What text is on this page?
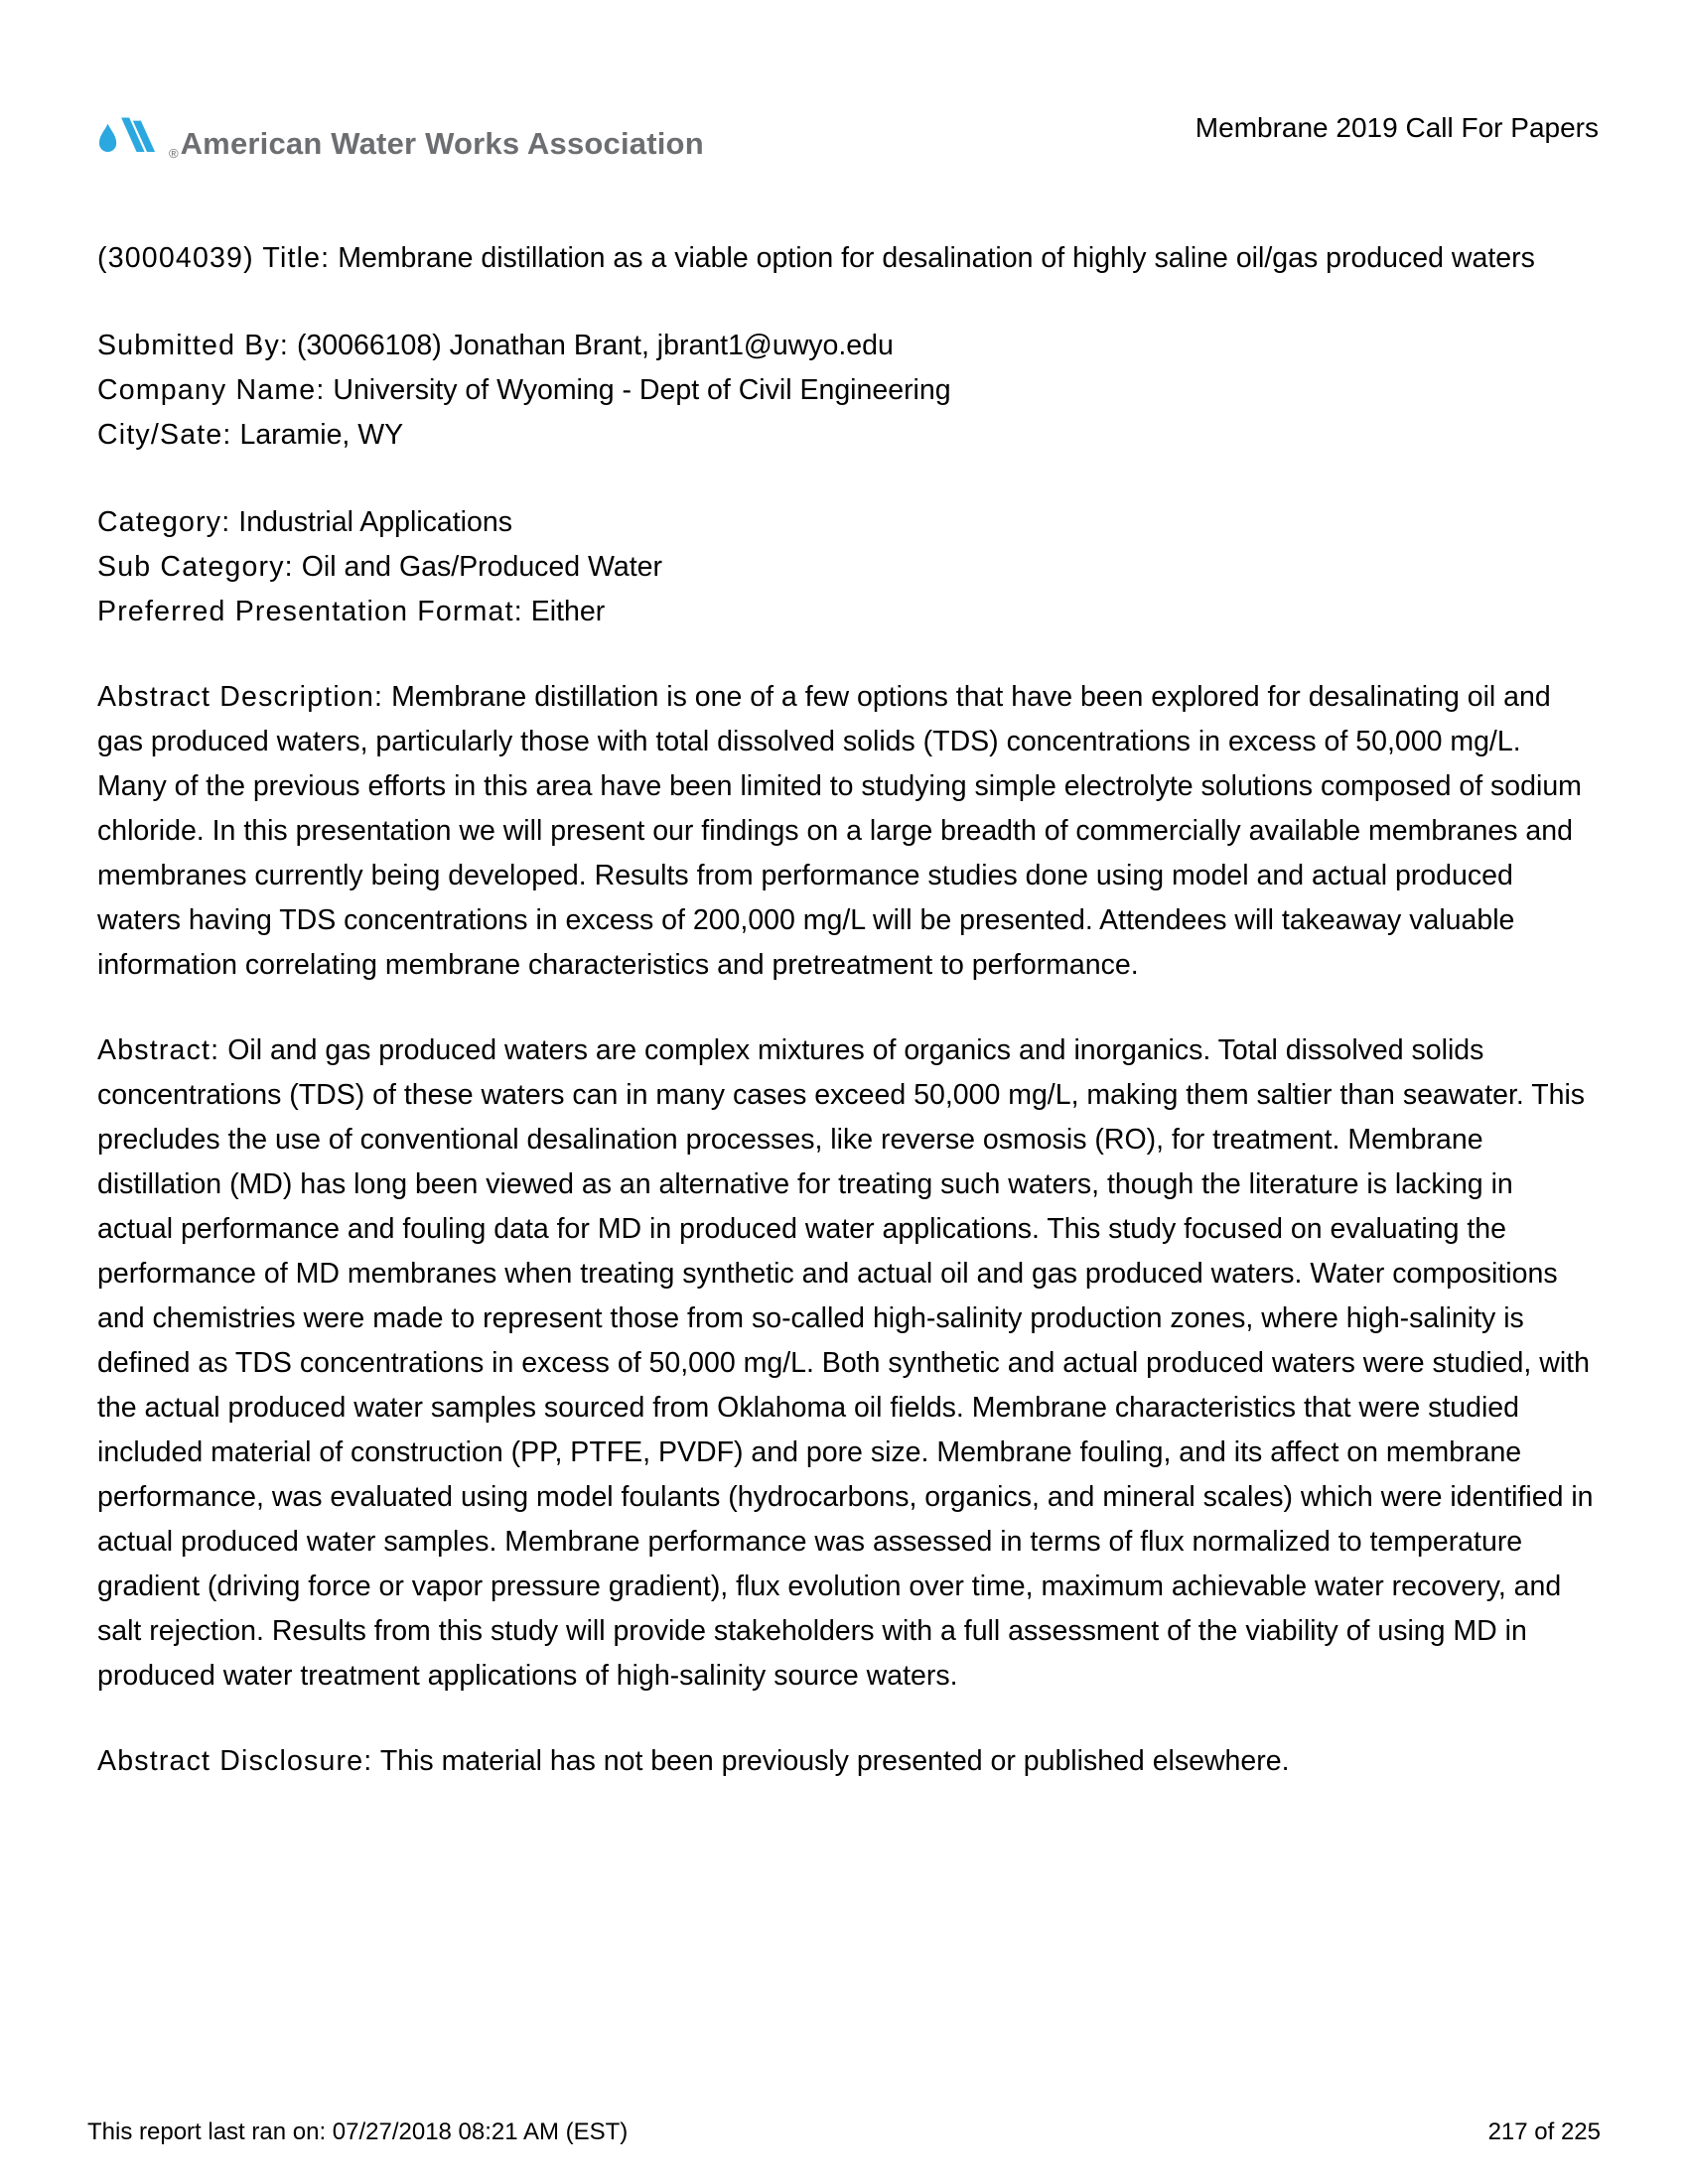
® American Water Works Association	Membrane 2019 Call For Papers
(30004039) Title: Membrane distillation as a viable option for desalination of highly saline oil/gas produced waters
Submitted By: (30066108) Jonathan Brant, jbrant1@uwyo.edu
Company Name: University of Wyoming - Dept of Civil Engineering
City/Sate: Laramie, WY
Category: Industrial Applications
Sub Category: Oil and Gas/Produced Water
Preferred Presentation Format: Either
Abstract Description: Membrane distillation is one of a few options that have been explored for desalinating oil and gas produced waters, particularly those with total dissolved solids (TDS) concentrations in excess of 50,000 mg/L. Many of the previous efforts in this area have been limited to studying simple electrolyte solutions composed of sodium chloride. In this presentation we will present our findings on a large breadth of commercially available membranes and membranes currently being developed. Results from performance studies done using model and actual produced waters having TDS concentrations in excess of 200,000 mg/L will be presented. Attendees will takeaway valuable information correlating membrane characteristics and pretreatment to performance.
Abstract: Oil and gas produced waters are complex mixtures of organics and inorganics. Total dissolved solids concentrations (TDS) of these waters can in many cases exceed 50,000 mg/L, making them saltier than seawater. This precludes the use of conventional desalination processes, like reverse osmosis (RO), for treatment. Membrane distillation (MD) has long been viewed as an alternative for treating such waters, though the literature is lacking in actual performance and fouling data for MD in produced water applications. This study focused on evaluating the performance of MD membranes when treating synthetic and actual oil and gas produced waters. Water compositions and chemistries were made to represent those from so-called high-salinity production zones, where high-salinity is defined as TDS concentrations in excess of 50,000 mg/L. Both synthetic and actual produced waters were studied, with the actual produced water samples sourced from Oklahoma oil fields. Membrane characteristics that were studied included material of construction (PP, PTFE, PVDF) and pore size. Membrane fouling, and its affect on membrane performance, was evaluated using model foulants (hydrocarbons, organics, and mineral scales) which were identified in actual produced water samples. Membrane performance was assessed in terms of flux normalized to temperature gradient (driving force or vapor pressure gradient), flux evolution over time, maximum achievable water recovery, and salt rejection. Results from this study will provide stakeholders with a full assessment of the viability of using MD in produced water treatment applications of high-salinity source waters.
Abstract Disclosure: This material has not been previously presented or published elsewhere.
This report last ran on: 07/27/2018 08:21 AM (EST)	217 of 225
